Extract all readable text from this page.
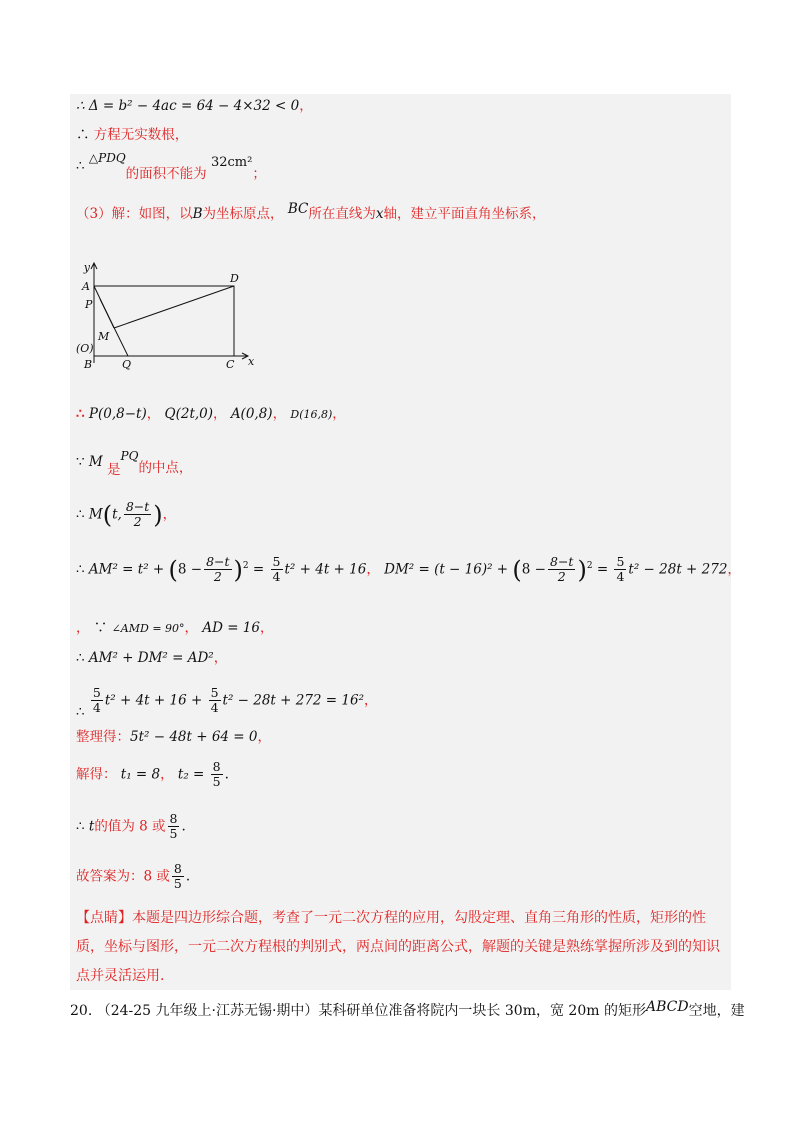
∴ Δ = b² − 4ac = 64 − 4×32 < 0，
∴ 方程无实数根，
∴ △PDQ的面积不能为 32cm²；
（3）解：如图，以B为坐标原点， BC所在直线为x轴，建立平面直角坐标系，
y
x
A
P
M
(O)
B	Q	C
D
∴ P(0,8−t)， Q(2t,0)， A(0,8)， D(16,8)，
∵ M 是PQ的中点，
∴ M(t, $\frac{8-t}{2}$ )，
∴ $AM^2 = t^2 + (8 - \frac{8-t}{2} )^2 = \frac{5}{4} t^2 + 4t + 16$， $DM^2 = (t - 16)^2 + (8 - \frac{8-t}{2} )^2 = \frac{5}{4} t^2 - 28t + 272$，
， ∵ ∠AMD = 90°， AD = 16，
∴ AM² + DM² = AD²，
∴ $\frac{5}{4} t^2 + 4t + 16 + \frac{5}{4} t^2 - 28t + 272 = 16^2$，
整理得：5t² − 48t + 64 = 0，
解得： t₁ = 8， $t_2 = \frac{8}{5}$ .
∴ t的值为 8 或 $\frac{8}{5}$ .
故答案为：8 或 $\frac{8}{5}$ .
【点睛】本题是四边形综合题，考查了一元二次方程的应用，勾股定理、直角三角形的性质，矩形的性质，坐标与图形，一元二次方程根的判别式，两点间的距离公式，解题的关键是熟练掌握所涉及到的知识点并灵活运用.
20. （24-25 九年级上·江苏无锡·期中）某科研单位准备将院内一块长 30m，宽 20m 的矩形ABCD空地，建
